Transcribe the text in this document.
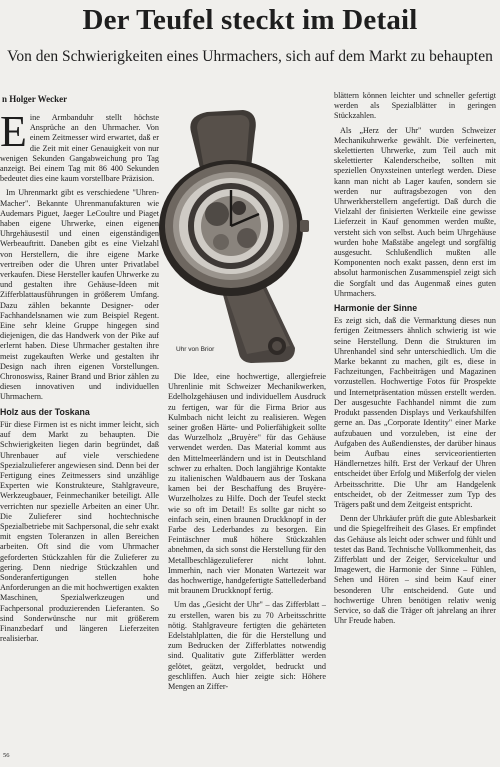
Der Teufel steckt im Detail
Von den Schwierigkeiten eines Uhrmachers, sich auf dem Markt zu behaupten
n Holger Wecker

Eine Armbanduhr stellt höchste Ansprüche an den Uhrmacher. Von einem Zeitmesser wird erwartet, daß er die Zeit mit einer Genauigkeit von nur wenigen Sekunden Gangabweichung pro Tag anzeigt. Bei einem Tag mit 86 400 Sekunden bedeutet dies eine kaum vorstellbare Präzision.

Im Uhrenmarkt gibt es verschiedene "Uhren-Macher". Bekannte Uhrenmanufakturen wie Audemars Piguet, Jaeger LeCoultre und Piaget haben eigene Uhrwerke, einen eigenen Uhrgehäusestil und einen eigenständigen Werbeauftritt. Daneben gibt es eine Vielzahl von Herstellern, die ihre eigene Marke vertreiben oder die Uhren unter Privatlabel verkaufen. Diese Hersteller kaufen Uhrwerke zu und gestalten ihre Gehäuse-Ideen mit Zifferblattausführungen in größerem Umfang. Dazu zählen bekannte Designer- oder Fachhandelsnamen wie zum Beispiel Regent. Eine sehr kleine Gruppe hingegen sind diejenigen, die das Handwerk von der Pike auf erlernt haben. Diese Uhrmacher gestalten ihre meist zugekauften Werke und gestalten ihr Design nach ihren eigenen Vorstellungen. Chronoswiss, Rainer Brand und Brior zählen zu diesen innovativen und individuellen Uhrmachern.

Holz aus der Toskana

Für diese Firmen ist es nicht immer leicht, sich auf dem Markt zu behaupten. Die Schwierigkeiten liegen darin begründet, daß Uhrenbauer auf viele verschiedene Spezialzulieferer angewiesen sind. Denn bei der Fertigung eines Zeitmessers sind unzählige Experten wie Konstrukteure, Stahlgraveure, Werkzeugbauer, Feinmechaniker beteiligt. Alle verrichten nur spezielle Arbeiten an einer Uhr. Die Zulieferer sind hochtechnische Spezialbetriebe mit Sachpersonal, die sehr exakt mit engsten Toleranzen in allen Bereichen arbeiten. Oft sind die vom Uhrmacher geforderten Stückzahlen für die Zulieferer zu gering. Denn niedrige Stückzahlen und Sonderanfertigungen stellen hohe Anforderungen an die mit hochwertigen exakten Maschinen, Spezialwerkzeugen und Fachpersonal produzierenden Lieferanten. So sind Sonderwünsche nur mit größerem Finanzbedarf und längeren Lieferzeiten realisierbar.

Uhr von Brior

Die Idee, eine hochwertige, allergiefreie Uhrenlinie mit Schweizer Mechanikwerken, Edelholzgehäusen und individuellem Ausdruck zu fertigen, war für die Firma Brior aus Kulmbach nicht leicht zu realisieren. Wegen seiner großen Härte- und Polierfähigkeit sollte das Wurzelholz „Bruyère" für das Gehäuse verwendet werden. Das Material kommt aus den Mittelmeerländern und ist in Deutschland schwer zu erhalten. Doch langjährige Kontakte zu italienischen Waldbauern aus der Toskana kamen bei der Beschaffung des Bruyère-Wurzelholzes zu Hilfe. Doch der Teufel steckt wie so oft im Detail! Es sollte gar nicht so einfach sein, einen braunen Druckknopf in der Farbe des Lederbandes zu besorgen. Ein Feintäschner muß höhere Stückzahlen abnehmen, da sich sonst die Herstellung für den Metallbeschlägezulieferer nicht lohnt. Immerhin, nach vier Monaten Wartezeit war das hochwertige, handgefertigte Sattellederband mit braunem Druckknopf fertig.

Um das „Gesicht der Uhr" – das Zifferblatt – zu erstellen, waren bis zu 70 Arbeitsschritte nötig. Stahlgraveure fertigten die gehärteten Edelstahlplatten, die für die Herstellung und zum Bedrucken der Zifferblattes notwendig sind. Qualitativ gute Zifferblätter werden gelötet, geätzt, vergoldet, bedruckt und geschliffen. Auch hier zeigte sich: Höhere Mengen an Ziffer-

blättern können leichter und schneller gefertigt werden als Spezialblätter in geringen Stückzahlen.

Als „Herz der Uhr" wurden Schweizer Mechanikuhrwerke gewählt. Die verfeinerten, skelettierten Uhrwerke, zum Teil auch mit skelettierter Kalenderscheibe, sollten mit speziellen Onyxsteinen unterlegt werden. Diese kann man nicht ab Lager kaufen, sondern sie werden nur auftragsbezogen von den Uhrwerkherstellern angefertigt. Daß durch die Vielzahl der finisierten Werkteile eine gewisse Lieferzeit in Kauf genommen werden mußte, versteht sich von selbst. Auch beim Uhrgehäuse wurden hohe Maßstäbe angelegt und sorgfältig ausgesucht. Schlußendlich mußten alle Komponenten noch exakt passen, denn erst im absolut harmonischen Zusammenspiel zeigt sich die Sorgfalt und das Augenmaß eines guten Uhrmachers.

Harmonie der Sinne

Es zeigt sich, daß die Vermarktung dieses nun fertigen Zeitmessers ähnlich schwierig ist wie seine Herstellung. Denn die Strukturen im Uhrenhandel sind sehr unterschiedlich. Um die Marke bekannt zu machen, gilt es, diese in Fachzeitungen, Fachbeiträgen und Magazinen vorzustellen. Hochwertige Fotos für Prospekte und Internetpräsentation müssen erstellt werden. Der ausgesuchte Fachhandel nimmt die zum Produkt passenden Displays und Verkaufshilfen gerne an. Das „Corporate Identity" einer Marke aufzubauen und vorzuleben, ist eine der Aufgaben des Außendienstes, der darüber hinaus beim Aufbau eines serviceorientierten Händlernetzes hilft. Erst der Verkauf der Uhren entscheidet über Erfolg und Mißerfolg der vielen Arbeitsschritte. Die Uhr am Handgelenk entscheidet, ob der Zeitmesser zum Typ des Trägers paßt und dem Zeitgeist entspricht.

Denn der Uhrkäufer prüft die gute Ablesbarkeit und die Spiegelfreiheit des Glases. Er empfindet das Gehäuse als leicht oder schwer und fühlt und testet das Band. Technische Vollkommenheit, das Zifferblatt und der Zeiger, Servicekultur und Imagewert, die Harmonie der Sinne – Fühlen, Sehen und Hören – sind beim Kauf einer besonderen Uhr entscheidend. Gute und hochwertige Uhren benötigen relativ wenig Service, so daß die Träger oft jahrelang an ihrer Uhr Freude haben.

56
